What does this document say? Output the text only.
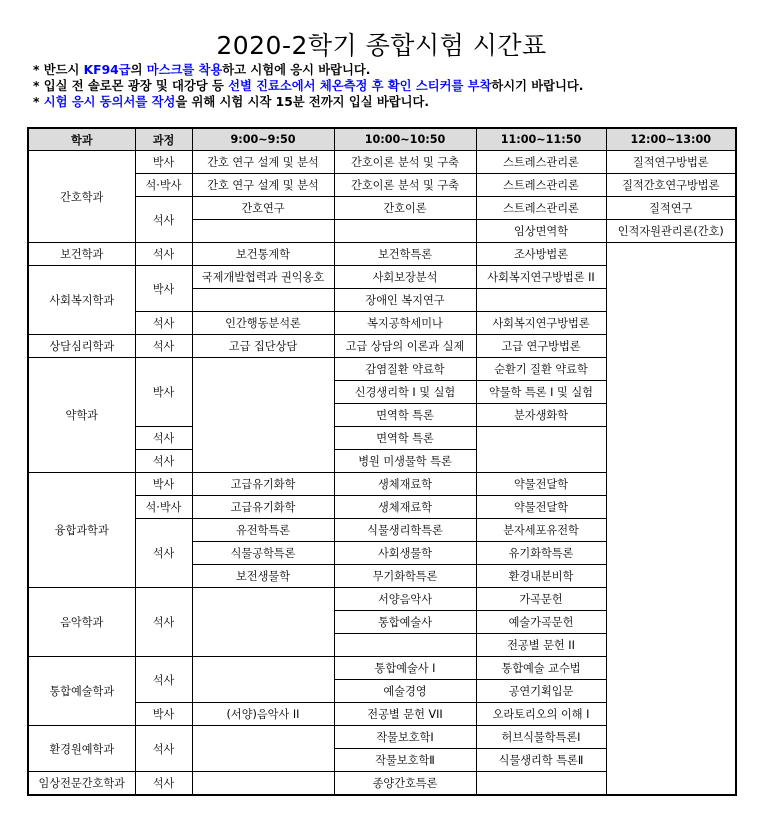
2020-2학기 종합시험 시간표
* 반드시 KF94급의 마스크를 착용하고 시험에 응시 바랍니다.
* 입실 전 솔로몬 광장 및 대강당 등 선별 진료소에서 체온측정 후 확인 스티커를 부착하시기 바랍니다.
* 시험 응시 동의서를 작성을 위해 시험 시작 15분 전까지 입실 바랍니다.
학과	과정	9:00~9:50	10:00~10:50	11:00~11:50	12:00~13:00
간호학과	박사	간호 연구 설계 및 분석	간호이론 분석 및 구축	스트레스관리론	질적연구방법론
	석·박사	간호 연구 설계 및 분석	간호이론 분석 및 구축	스트레스관리론	질적간호연구방법론
	석사	간호연구	간호이론	스트레스관리론	질적연구
				임상면역학	인적자원관리론(간호)
보건학과	석사	보건통계학	보건학특론	조사방법론	
사회복지학과	박사	국제개발협력과 권익옹호	사회보장분석	사회복지연구방법론 II	
			장애인 복지연구		
	석사	인간행동분석론	복지공학세미나	사회복지연구방법론	
상담심리학과	석사	고급 집단상담	고급 상담의 이론과 실제	고급 연구방법론	
약학과	박사		감염질환 약료학	순환기 질환 약료학	
			신경생리학 I 및 실험	약물학 특론 I 및 실험	
			면역학 특론	분자생화학	
	석사		면역학 특론		
	석사		병원 미생물학 특론		
융합과학과	박사	고급유기화학	생체재료학	약물전달학	
	석·박사	고급유기화학	생체재료학	약물전달학	
	석사	유전학특론	식물생리학특론	분자세포유전학	
		식물공학특론	사회생물학	유기화학특론	
		보전생물학	무기화학특론	환경내분비학	
음악학과	석사		서양음악사	가곡문헌	
			통합예술사	예술가곡문헌	
				전공별 문헌 II	
통합예술학과	석사		통합예술사 I	통합예술 교수법	
			예술경영	공연기획입문	
	박사	(서양)음악사 II	전공별 문헌 VII	오라토리오의 이해 I	
환경원예학과	석사		작물보호학Ⅰ	허브식물학특론Ⅰ	
			작물보호학Ⅱ	식물생리학 특론Ⅱ	
임상전문간호학과	석사		종양간호특론		
